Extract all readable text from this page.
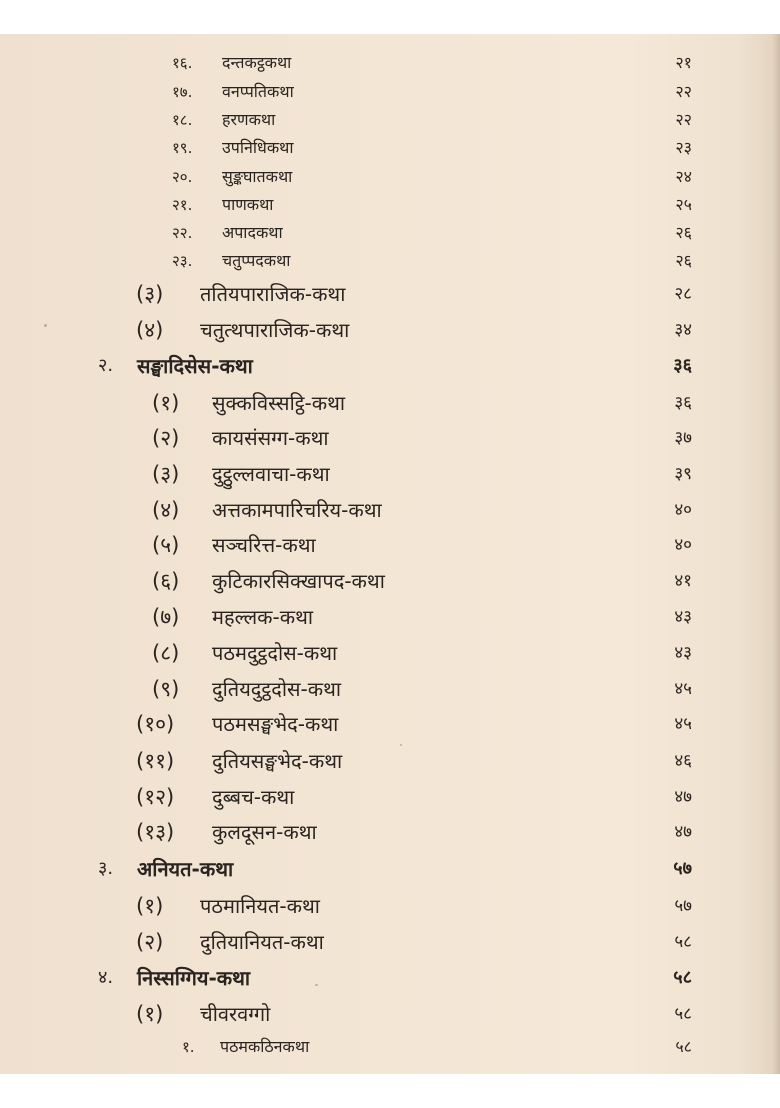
१६. दन्तकट्ठकथा	२१
१७. वनप्पतिकथा	२२
१८. हरणकथा	२२
१९. उपनिधिकथा	२३
२०. सुङ्कघातकथा	२४
२१. पाणकथा	२५
२२. अपादकथा	२६
२३. चतुप्पदकथा	२६
(३) ततियपाराजिक-कथा	२८
(४) चतुत्थपाराजिक-कथा	३४
२. सङ्घादिसेस-कथा	३६
(१) सुक्कविस्सट्ठि-कथा	३६
(२) कायसंसग्ग-कथा	३७
(३) दुट्ठुल्लवाचा-कथा	३९
(४) अत्तकामपारिचरिय-कथा	४०
(५) सञ्चरित्त-कथा	४०
(६) कुटिकारसिक्खापद-कथा	४१
(७) महल्लक-कथा	४३
(८) पठमदुट्ठदोस-कथा	४३
(९) दुतियदुट्ठदोस-कथा	४५
(१०) पठमसङ्घभेद-कथा	४५
(११) दुतियसङ्घभेद-कथा	४६
(१२) दुब्बच-कथा	४७
(१३) कुलदूसन-कथा	४७
३. अनियत-कथा	५७
(१) पठमानियत-कथा	५७
(२) दुतियानियत-कथा	५८
४. निस्सग्गिय-कथा	५८
(१) चीवरवग्गो	५८
१. पठमकठिनकथा	५८
